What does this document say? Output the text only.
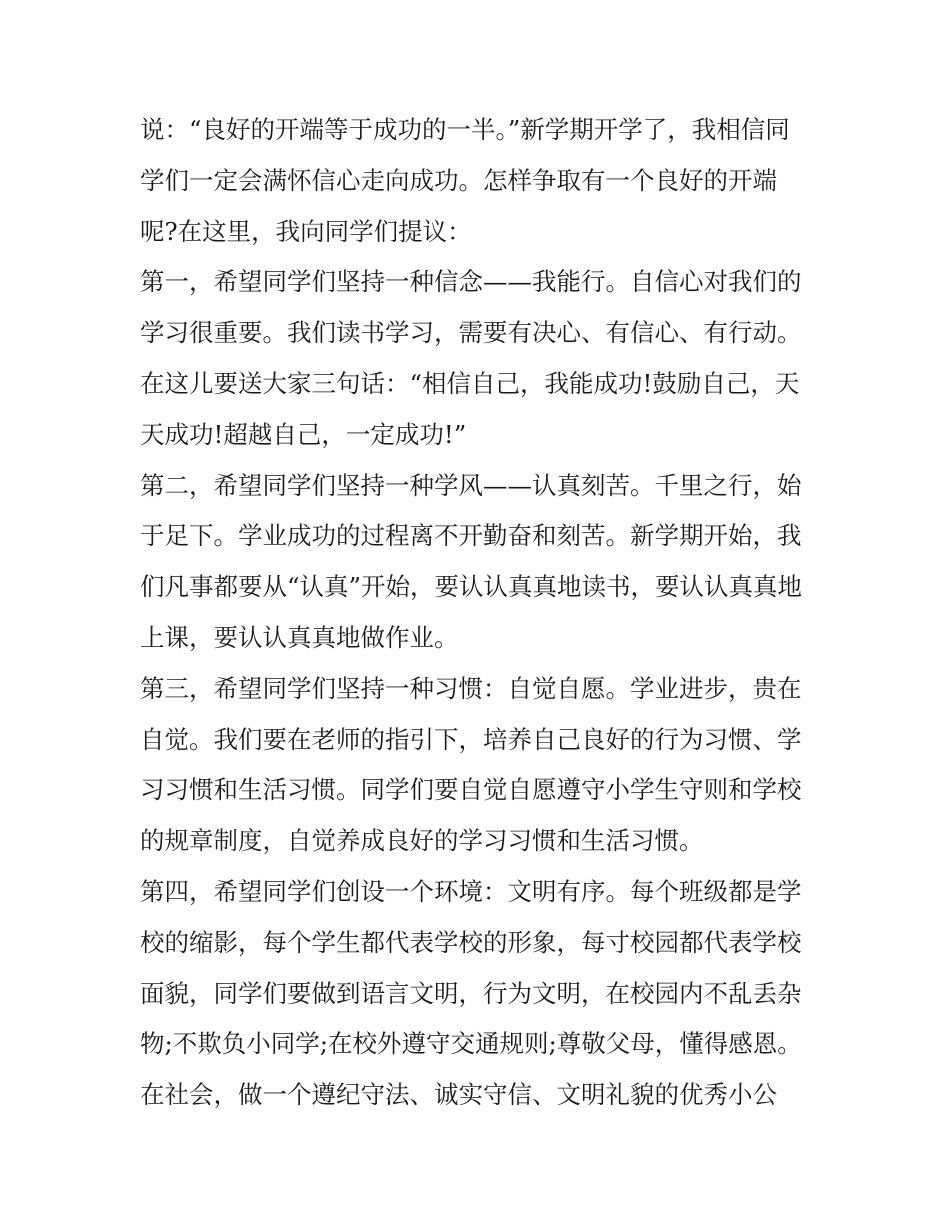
说：“良好的开端等于成功的一半。”新学期开学了，我相信同
学们一定会满怀信心走向成功。怎样争取有一个良好的开端
呢?在这里，我向同学们提议：
第一，希望同学们坚持一种信念——我能行。自信心对我们的
学习很重要。我们读书学习，需要有决心、有信心、有行动。
在这儿要送大家三句话：“相信自己，我能成功!鼓励自己，天
天成功!超越自己，一定成功!”
第二，希望同学们坚持一种学风——认真刻苦。千里之行，始
于足下。学业成功的过程离不开勤奋和刻苦。新学期开始，我
们凡事都要从“认真”开始，要认认真真地读书，要认认真真地
上课，要认认真真地做作业。
第三，希望同学们坚持一种习惯：自觉自愿。学业进步，贵在
自觉。我们要在老师的指引下，培养自己良好的行为习惯、学
习习惯和生活习惯。同学们要自觉自愿遵守小学生守则和学校
的规章制度，自觉养成良好的学习习惯和生活习惯。
第四，希望同学们创设一个环境：文明有序。每个班级都是学
校的缩影，每个学生都代表学校的形象，每寸校园都代表学校
面貌，同学们要做到语言文明，行为文明，在校园内不乱丢杂
物;不欺负小同学;在校外遵守交通规则;尊敬父母，懂得感恩。
在社会，做一个遵纪守法、诚实守信、文明礼貌的优秀小公
